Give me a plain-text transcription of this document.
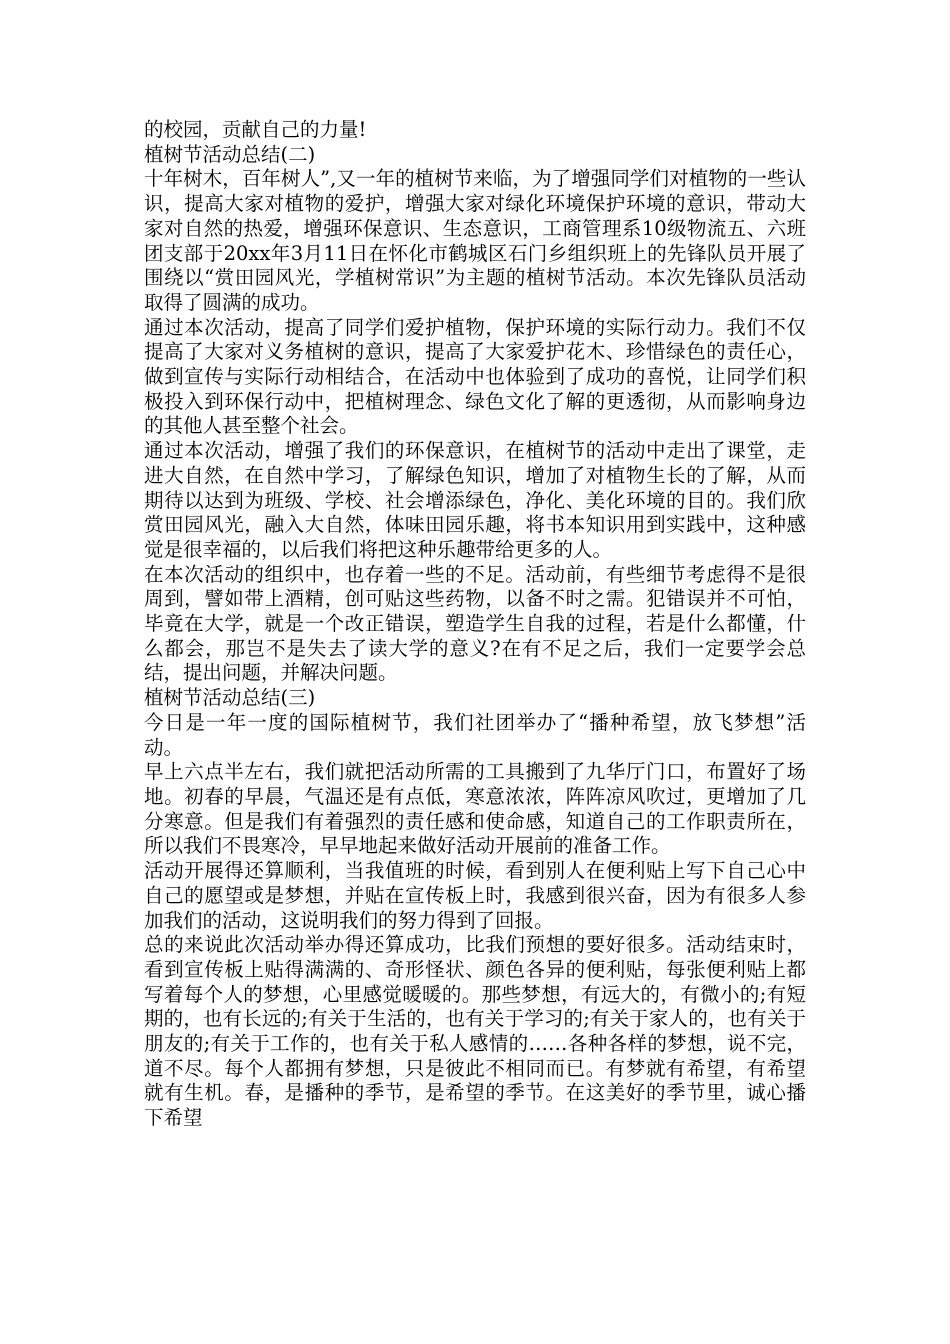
的校园，贡献自己的力量!

植树节活动总结(二)

十年树木，百年树人”,又一年的植树节来临，为了增强同学们对植物的一些认识，提高大家对植物的爱护，增强大家对绿化环境保护环境的意识，带动大家对自然的热爱，增强环保意识、生态意识，工商管理系10级物流五、六班团支部于20xx年3月11日在怀化市鹤城区石门乡组织班上的先锋队员开展了围绕以“赏田园风光，学植树常识”为主题的植树节活动。本次先锋队员活动取得了圆满的成功。

通过本次活动，提高了同学们爱护植物，保护环境的实际行动力。我们不仅提高了大家对义务植树的意识，提高了大家爱护花木、珍惜绿色的责任心，做到宣传与实际行动相结合，在活动中也体验到了成功的喜悦，让同学们积极投入到环保行动中，把植树理念、绿色文化了解的更透彻，从而影响身边的其他人甚至整个社会。

通过本次活动，增强了我们的环保意识，在植树节的活动中走出了课堂，走进大自然，在自然中学习，了解绿色知识，增加了对植物生长的了解，从而期待以达到为班级、学校、社会增添绿色，净化、美化环境的目的。我们欣赏田园风光，融入大自然，体味田园乐趣，将书本知识用到实践中，这种感觉是很幸福的，以后我们将把这种乐趣带给更多的人。

在本次活动的组织中，也存着一些的不足。活动前，有些细节考虑得不是很周到，譬如带上酒精，创可贴这些药物，以备不时之需。犯错误并不可怕，毕竟在大学，就是一个改正错误，塑造学生自我的过程，若是什么都懂，什么都会，那岂不是失去了读大学的意义?在有不足之后，我们一定要学会总结，提出问题，并解决问题。

植树节活动总结(三)

今日是一年一度的国际植树节，我们社团举办了“播种希望，放飞梦想”活动。

早上六点半左右，我们就把活动所需的工具搬到了九华厅门口，布置好了场地。初春的早晨，气温还是有点低，寒意浓浓，阵阵凉风吹过，更增加了几分寒意。但是我们有着强烈的责任感和使命感，知道自己的工作职责所在，所以我们不畏寒冷，早早地起来做好活动开展前的准备工作。

活动开展得还算顺利，当我值班的时候，看到别人在便利贴上写下自己心中自己的愿望或是梦想，并贴在宣传板上时，我感到很兴奋，因为有很多人参加我们的活动，这说明我们的努力得到了回报。

总的来说此次活动举办得还算成功，比我们预想的要好很多。活动结束时，看到宣传板上贴得满满的、奇形怪状、颜色各异的便利贴，每张便利贴上都写着每个人的梦想，心里感觉暖暖的。那些梦想，有远大的，有微小的;有短期的，也有长远的;有关于生活的，也有关于学习的;有关于家人的，也有关于朋友的;有关于工作的，也有关于私人感情的……各种各样的梦想，说不完，道不尽。每个人都拥有梦想，只是彼此不相同而已。有梦就有希望，有希望就有生机。春，是播种的季节，是希望的季节。在这美好的季节里，诚心播下希望
